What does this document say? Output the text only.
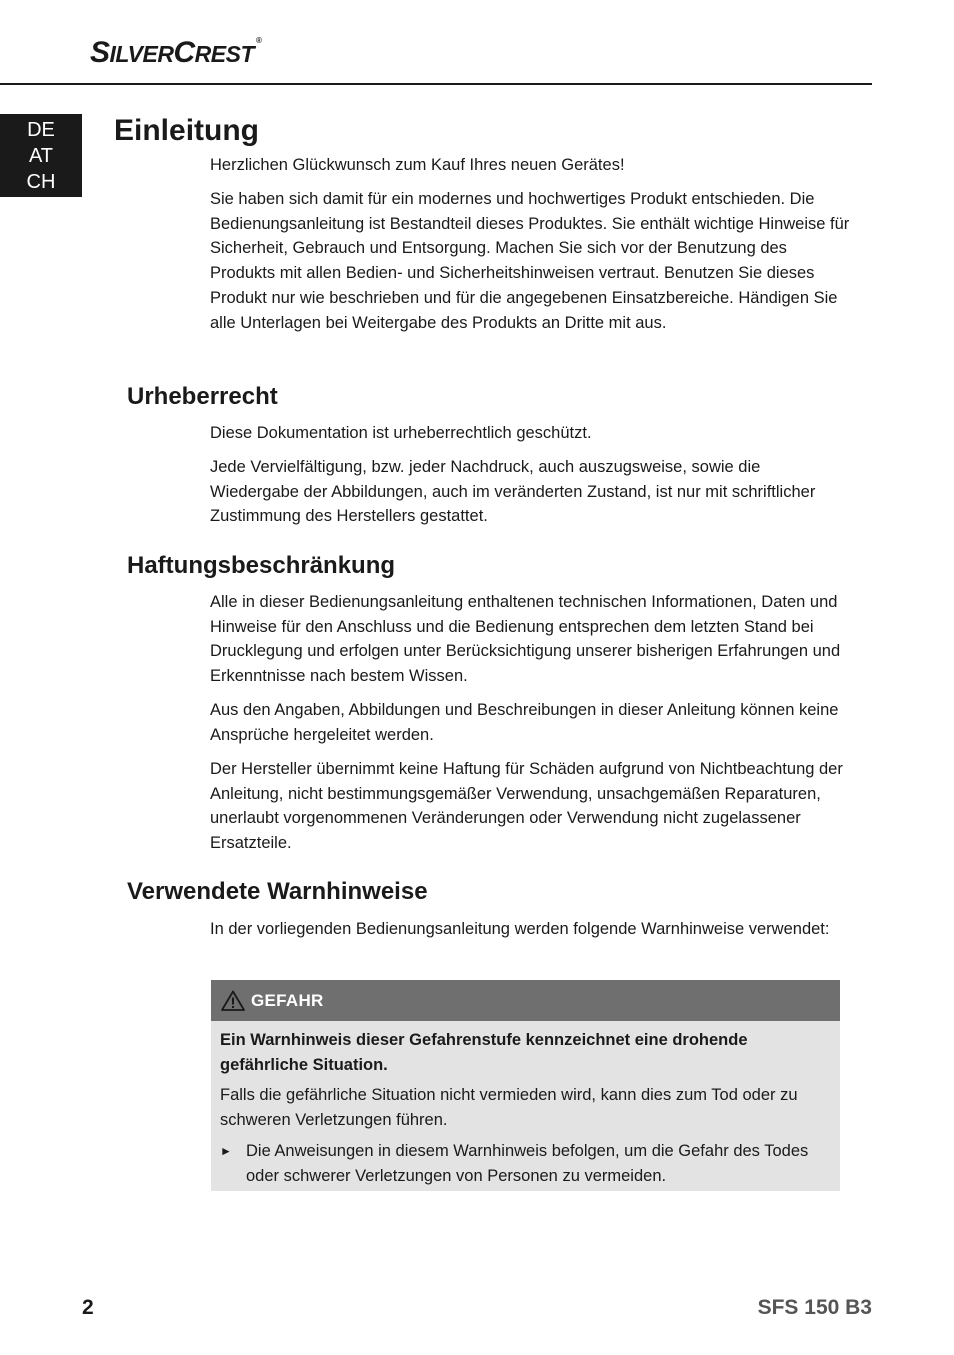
SILVERCREST®
DE
AT
CH
Einleitung

Herzlichen Glückwunsch zum Kauf Ihres neuen Gerätes!

Sie haben sich damit für ein modernes und hochwertiges Produkt entschieden. Die Bedienungsanleitung ist Bestandteil dieses Produktes. Sie enthält wichtige Hinweise für Sicherheit, Gebrauch und Entsorgung. Machen Sie sich vor der Benutzung des Produkts mit allen Bedien- und Sicherheitshinweisen vertraut. Benutzen Sie dieses Produkt nur wie beschrieben und für die angegebenen Einsatzbereiche. Händigen Sie alle Unterlagen bei Weitergabe des Produkts an Dritte mit aus.

Urheberrecht

Diese Dokumentation ist urheberrechtlich geschützt.

Jede Vervielfältigung, bzw. jeder Nachdruck, auch auszugsweise, sowie die Wiedergabe der Abbildungen, auch im veränderten Zustand, ist nur mit schriftlicher Zustimmung des Herstellers gestattet.

Haftungsbeschränkung

Alle in dieser Bedienungsanleitung enthaltenen technischen Informationen, Daten und Hinweise für den Anschluss und die Bedienung entsprechen dem letzten Stand bei Drucklegung und erfolgen unter Berücksichtigung unserer bisherigen Erfahrungen und Erkenntnisse nach bestem Wissen.

Aus den Angaben, Abbildungen und Beschreibungen in dieser Anleitung können keine Ansprüche hergeleitet werden.

Der Hersteller übernimmt keine Haftung für Schäden aufgrund von Nichtbeachtung der Anleitung, nicht bestimmungsgemäßer Verwendung, unsachgemäßen Reparaturen, unerlaubt vorgenommenen Veränderungen oder Verwendung nicht zugelassener Ersatzteile.

Verwendete Warnhinweise

In der vorliegenden Bedienungsanleitung werden folgende Warnhinweise verwendet:

GEFAHR

Ein Warnhinweis dieser Gefahrenstufe kennzeichnet eine drohende gefährliche Situation.

Falls die gefährliche Situation nicht vermieden wird, kann dies zum Tod oder zu schweren Verletzungen führen.

► Die Anweisungen in diesem Warnhinweis befolgen, um die Gefahr des Todes oder schwerer Verletzungen von Personen zu vermeiden.

2	SFS 150 B3
